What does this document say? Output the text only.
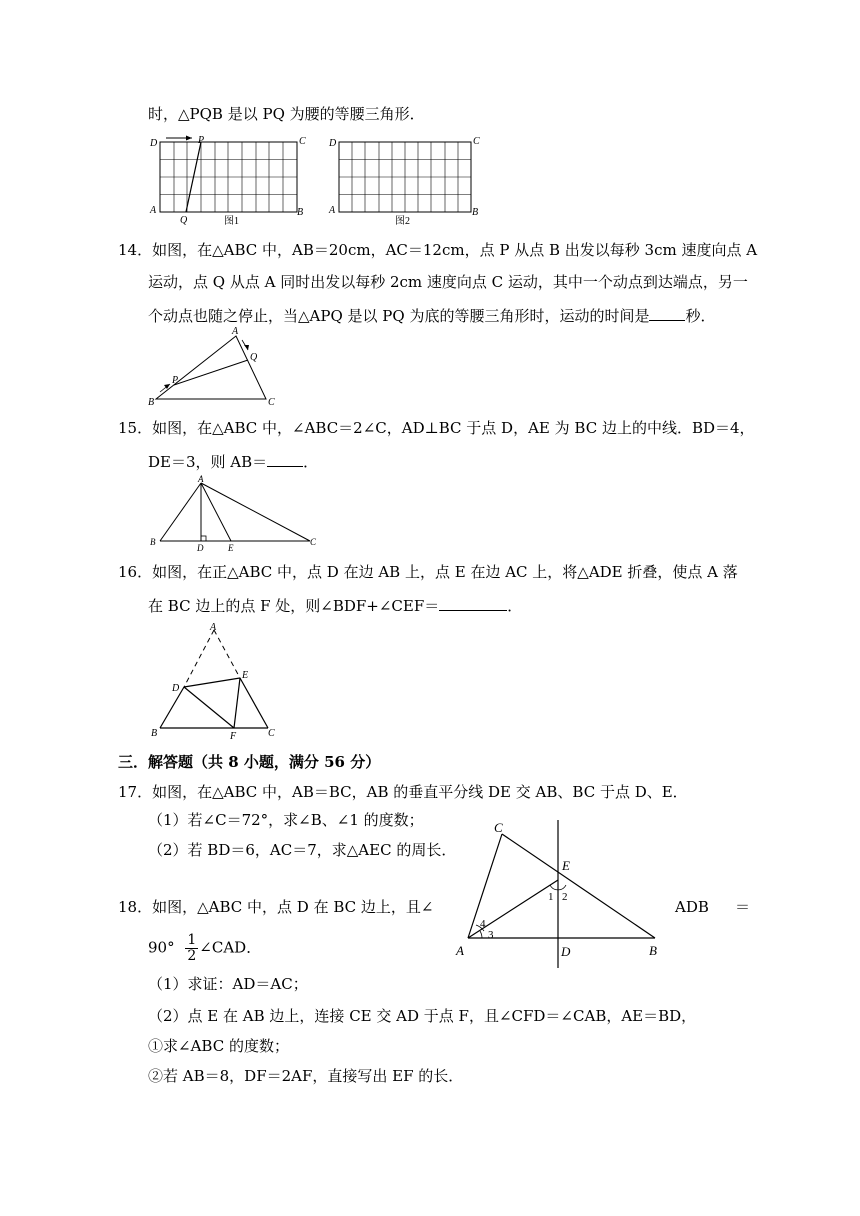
时，△PQB 是以 PQ 为腰的等腰三角形．
D	P	C
A
Q
B
图1
D	C
A	B
图2
14．如图，在△ABC 中，AB＝20cm，AC＝12cm，点 P 从点 B 出发以每秒 3cm 速度向点 A
运动，点 Q 从点 A 同时出发以每秒 2cm 速度向点 C 运动，其中一个动点到达端点，另一
个动点也随之停止，当△APQ 是以 PQ 为底的等腰三角形时，运动的时间是 秒．
A
Q
P
B	C
15．如图，在△ABC 中，∠ABC＝2∠C，AD⊥BC 于点 D，AE 为 BC 边上的中线．BD＝4，
DE＝3，则 AB＝ ．
A
B
D	E
C
16．如图，在正△ABC 中，点 D 在边 AB 上，点 E 在边 AC 上，将△ADE 折叠，使点 A 落
在 BC 边上的点 F 处，则∠BDF+∠CEF＝	．
A
E
D
B	F	C
三．解答题（共 8 小题，满分 56 分）
17．如图，在△ABC 中，AB＝BC，AB 的垂直平分线 DE 交 AB、BC 于点 D、E．
（1）若∠C＝72°，求∠B、∠1 的度数；
（2）若 BD＝6，AC＝7，求△AEC 的周长．
C
E
A	D	B
1 2
3
4
18．如图，△ABC 中，点 D 在 BC 边上，且∠	ADB ＝
$90^\circ \frac{1}{2}$ ∠CAD．
（1）求证：AD＝AC；
（2）点 E 在 AB 边上，连接 CE 交 AD 于点 F，且∠CFD＝∠CAB，AE＝BD，
①求∠ABC 的度数；
②若 AB＝8，DF＝2AF，直接写出 EF 的长．
